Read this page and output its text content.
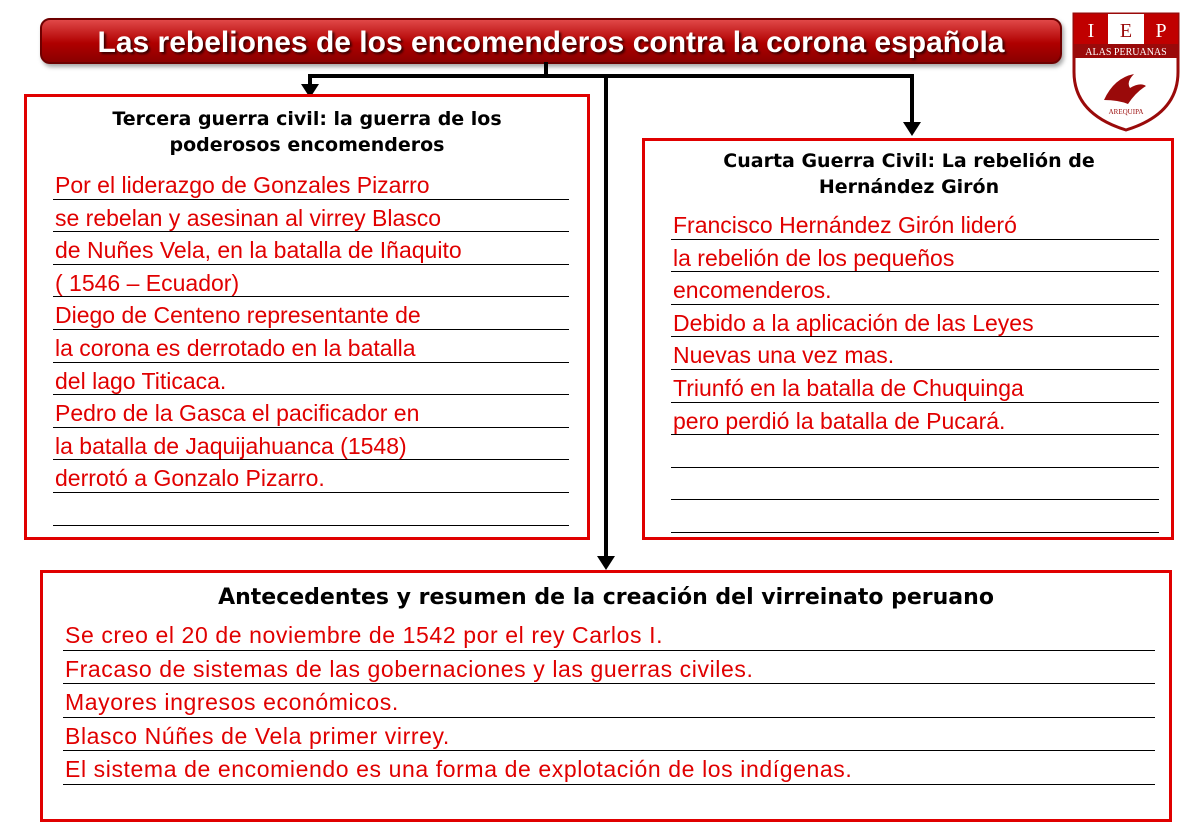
Las rebeliones de los encomenderos contra la corona española	I E P
ALAS PERUANAS
AREQUIPA
Tercera guerra civil: la guerra de los
poderosos encomenderos
Por el liderazgo de Gonzales Pizarro
se rebelan y asesinan al virrey Blasco
de Nuñes Vela, en la batalla de Iñaquito
( 1546 – Ecuador)
Diego de Centeno representante de
la corona es derrotado en la batalla
del lago Titicaca.
Pedro de la Gasca el pacificador en
la batalla de Jaquijahuanca (1548)
derrotó a Gonzalo Pizarro.
Cuarta Guerra Civil: La rebelión de
Hernández Girón
Francisco Hernández Girón lideró
la rebelión de los pequeños
encomenderos.
Debido a la aplicación de las Leyes
Nuevas una vez mas.
Triunfó en la batalla de Chuquinga
pero perdió la batalla de Pucará.
Antecedentes y resumen de la creación del virreinato peruano
Se creo el 20 de noviembre de 1542 por el rey Carlos I.
Fracaso de sistemas de las gobernaciones y las guerras civiles.
Mayores ingresos económicos.
Blasco Núñes de Vela primer virrey.
El sistema de encomiendo es una forma de explotación de los indígenas.
